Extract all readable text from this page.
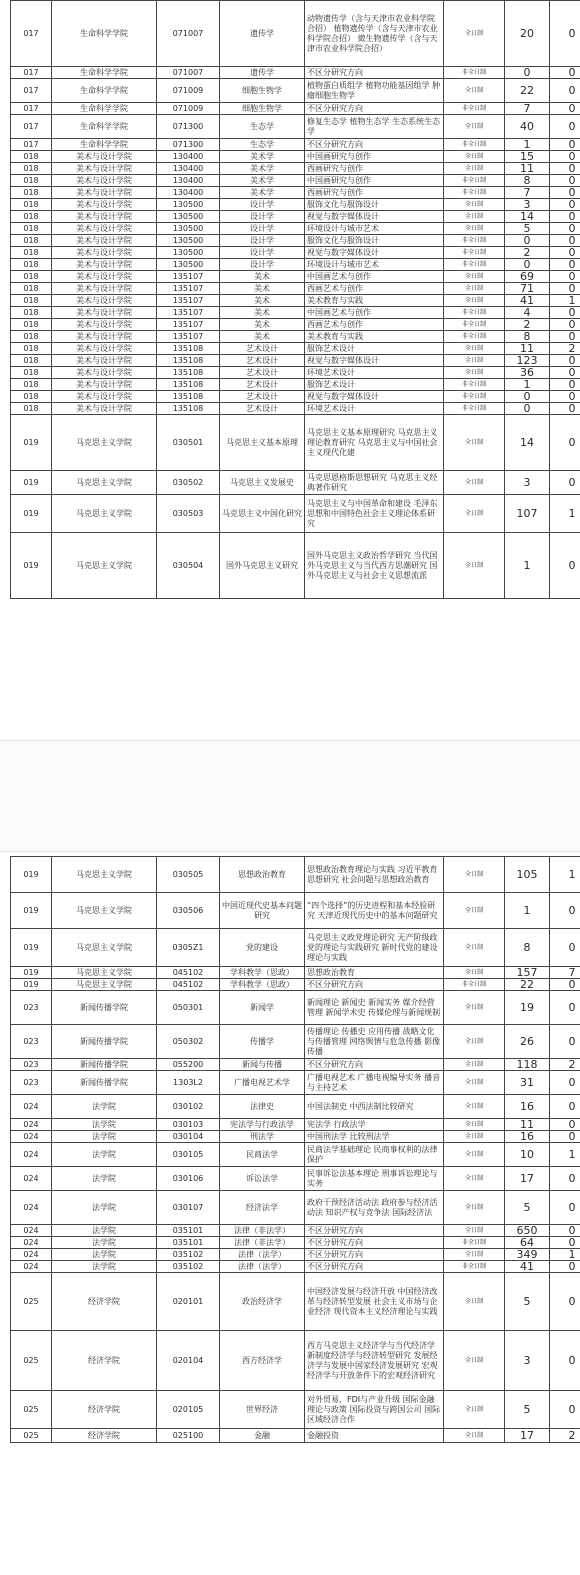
017	生命科学学院	071007	遗传学	动物遗传学（含与天津市农业科学院合招） 植物遗传学（含与天津市农业科学院合招） 微生物遗传学（含与天津市农业科学院合招）	全日制	20	0
017	生命科学学院	071007	遗传学	不区分研究方向	非全日制	0	0
017	生命科学学院	071009	细胞生物学	植物蛋白质组学 植物功能基因组学 肿瘤细胞生物学	全日制	22	0
017	生命科学学院	071009	细胞生物学	不区分研究方向	非全日制	7	0
017	生命科学学院	071300	生态学	修复生态学 植物生态学 生态系统生态学	全日制	40	0
017	生命科学学院	071300	生态学	不区分研究方向	非全日制	1	0
018	美术与设计学院	130400	美术学	中国画研究与创作	全日制	15	0
018	美术与设计学院	130400	美术学	西画研究与创作	全日制	11	0
018	美术与设计学院	130400	美术学	中国画研究与创作	非全日制	8	0
018	美术与设计学院	130400	美术学	西画研究与创作	非全日制	7	0
018	美术与设计学院	130500	设计学	服饰文化与服饰设计	全日制	3	0
018	美术与设计学院	130500	设计学	视觉与数字媒体设计	全日制	14	0
018	美术与设计学院	130500	设计学	环境设计与城市艺术	全日制	5	0
018	美术与设计学院	130500	设计学	服饰文化与服饰设计	非全日制	0	0
018	美术与设计学院	130500	设计学	视觉与数字媒体设计	非全日制	2	0
018	美术与设计学院	130500	设计学	环境设计与城市艺术	非全日制	0	0
018	美术与设计学院	135107	美术	中国画艺术与创作	全日制	69	0
018	美术与设计学院	135107	美术	西画艺术与创作	全日制	71	0
018	美术与设计学院	135107	美术	美术教育与实践	全日制	41	1
018	美术与设计学院	135107	美术	中国画艺术与创作	非全日制	4	0
018	美术与设计学院	135107	美术	西画艺术与创作	非全日制	2	0
018	美术与设计学院	135107	美术	美术教育与实践	非全日制	8	0
018	美术与设计学院	135108	艺术设计	服饰艺术设计	全日制	11	2
018	美术与设计学院	135108	艺术设计	视觉与数字媒体设计	全日制	123	0
018	美术与设计学院	135108	艺术设计	环境艺术设计	全日制	36	0
018	美术与设计学院	135108	艺术设计	服饰艺术设计	非全日制	1	0
018	美术与设计学院	135108	艺术设计	视觉与数字媒体设计	非全日制	0	0
018	美术与设计学院	135108	艺术设计	环境艺术设计	非全日制	0	0
019	马克思主义学院	030501	马克思主义基本原理	马克思主义基本原理研究 马克思主义理论教育研究 马克思主义与中国社会主义现代化建	全日制	14	0
019	马克思主义学院	030502	马克思主义发展史	马克思恩格斯思想研究 马克思主义经典著作研究	全日制	3	0
019	马克思主义学院	030503	马克思主义中国化研究	马克思主义与中国革命和建设 毛泽东思想和中国特色社会主义理论体系研究	全日制	107	1
019	马克思主义学院	030504	国外马克思主义研究	国外马克思主义政治哲学研究 当代国外马克思主义与当代西方思潮研究 国外马克思主义与社会主义思想流派	全日制	1	0
019	马克思主义学院	030505	思想政治教育	思想政治教育理论与实践 习近平教育思想研究 社会问题与思想政治教育	全日制	105	1
019	马克思主义学院	030506	中国近现代史基本问题研究	“四个选择”的历史进程和基本经验研究 天津近现代历史中的基本问题研究	全日制	1	0
019	马克思主义学院	0305Z1	党的建设	马克思主义政党理论研究 无产阶级政党的理论与实践研究 新时代党的建设理论与实践	全日制	8	0
019	马克思主义学院	045102	学科教学（思政）	思想政治教育	全日制	157	7
019	马克思主义学院	045102	学科教学（思政）	不区分研究方向	非全日制	22	0
023	新闻传播学院	050301	新闻学	新闻理论 新闻史 新闻实务 媒介经营管理 新闻学术史 传媒伦理与新闻规制	全日制	19	0
023	新闻传播学院	050302	传播学	传播理论 传播史 应用传播 战略文化与传播管理 网络舆情与危急传播 影像传播	全日制	26	0
023	新闻传播学院	055200	新闻与传播	不区分研究方向	全日制	118	2
023	新闻传播学院	1303L2	广播电视艺术学	广播电视艺术 广播电视编导实务 播音与主持艺术	全日制	31	0
024	法学院	030102	法律史	中国法制史 中西法制比较研究	全日制	16	0
024	法学院	030103	宪法学与行政法学	宪法学 行政法学	全日制	11	0
024	法学院	030104	刑法学	中国刑法学 比较刑法学	全日制	16	0
024	法学院	030105	民商法学	民商法学基础理论 民商事权利的法律保护	全日制	10	1
024	法学院	030106	诉讼法学	民事诉讼法基本理论 刑事诉讼理论与实务	全日制	17	0
024	法学院	030107	经济法学	政府干预经济活动法 政府参与经济活动法 知识产权与竞争法 国际经济法	全日制	5	0
024	法学院	035101	法律（非法学）	不区分研究方向	全日制	650	0
024	法学院	035101	法律（非法学）	不区分研究方向	非全日制	64	0
024	法学院	035102	法律（法学）	不区分研究方向	全日制	349	1
024	法学院	035102	法律（法学）	不区分研究方向	非全日制	41	0
025	经济学院	020101	政治经济学	中国经济发展与经济开放 中国经济改革与经济转型发展 社会主义市场与企业经济 现代资本主义经济理论与实践	全日制	5	0
025	经济学院	020104	西方经济学	西方马克思主义经济学与当代经济学 新制度经济学与经济转型研究 发展经济学与发展中国家经济发展研究 宏观经济学与开放条件下的宏观经济研究	全日制	3	0
025	经济学院	020105	世界经济	对外贸易，FDI与产业升级 国际金融理论与政策 国际投资与跨国公司 国际区域经济合作	全日制	5	0
025	经济学院	025100	金融	金融投资	全日制	17	2
